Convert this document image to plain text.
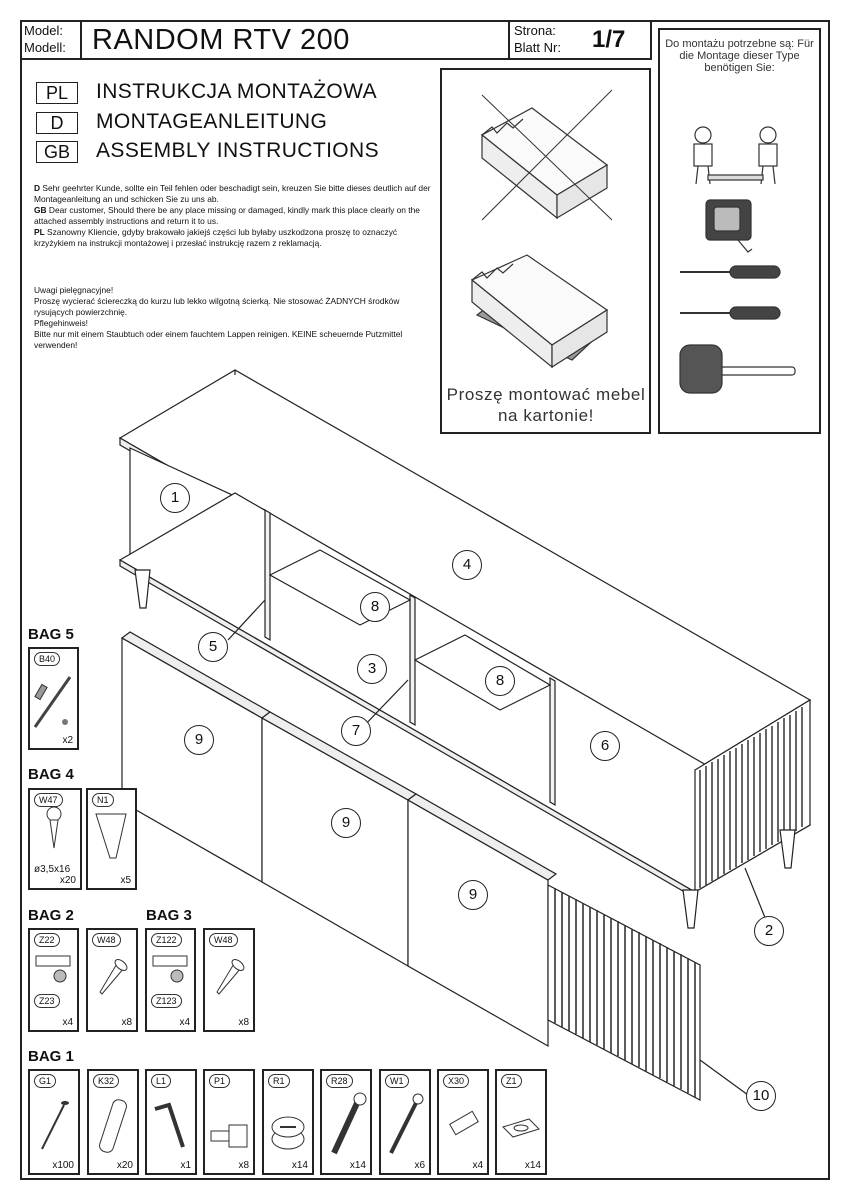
Model:
Modell: RANDOM RTV 200	Strona:
Blatt Nr: 1/7
PL	INSTRUKCJA MONTAŻOWA
D	MONTAGEANLEITUNG
GB	ASSEMBLY INSTRUCTIONS
D Sehr geehrter Kunde, sollte ein Teil fehlen oder beschadigt sein, kreuzen Sie bitte dieses deutlich auf der Montageanleitung an und schicken Sie zu uns ab.
GB Dear customer, Should there be any place missing or damaged, kindly mark this place clearly on the attached assembly instructions and return it to us.
PL Szanowny Kliencie, gdyby brakowało jakiejś części lub byłaby uszkodzona proszę to oznaczyć krzyżykiem na instrukcji montażowej i przesłać instrukcję razem z reklamacją.
Uwagi pielęgnacyjne!
Proszę wycierać ściereczką do kurzu lub lekko wilgotną ścierką. Nie stosować ŻADNYCH środków rysujących powierzchnię.
Pflegehinweis!
Bitte nur mit einem Staubtuch oder einem fauchtem Lappen reinigen. KEINE scheuernde Putzmittel verwenden!
Proszę montować mebel na kartonie!
Do montażu potrzebne są: Für die Montage dieser Type benötigen Sie:
1
4
8
5
3
8
7
6
9
9
9
2
10
BAG 5
B40
x2
BAG 4
W47
ø3,5x16
x20
N1
x5
BAG 2
Z22
Z23
x4
W48
x8
BAG 3
Z122
Z123
x4
W48
x8
BAG 1
G1
x100
K32
x20
L1
x1
P1
x8
R1
x14
R28
x14
W1
x6
X30
x4
Z1
x14
